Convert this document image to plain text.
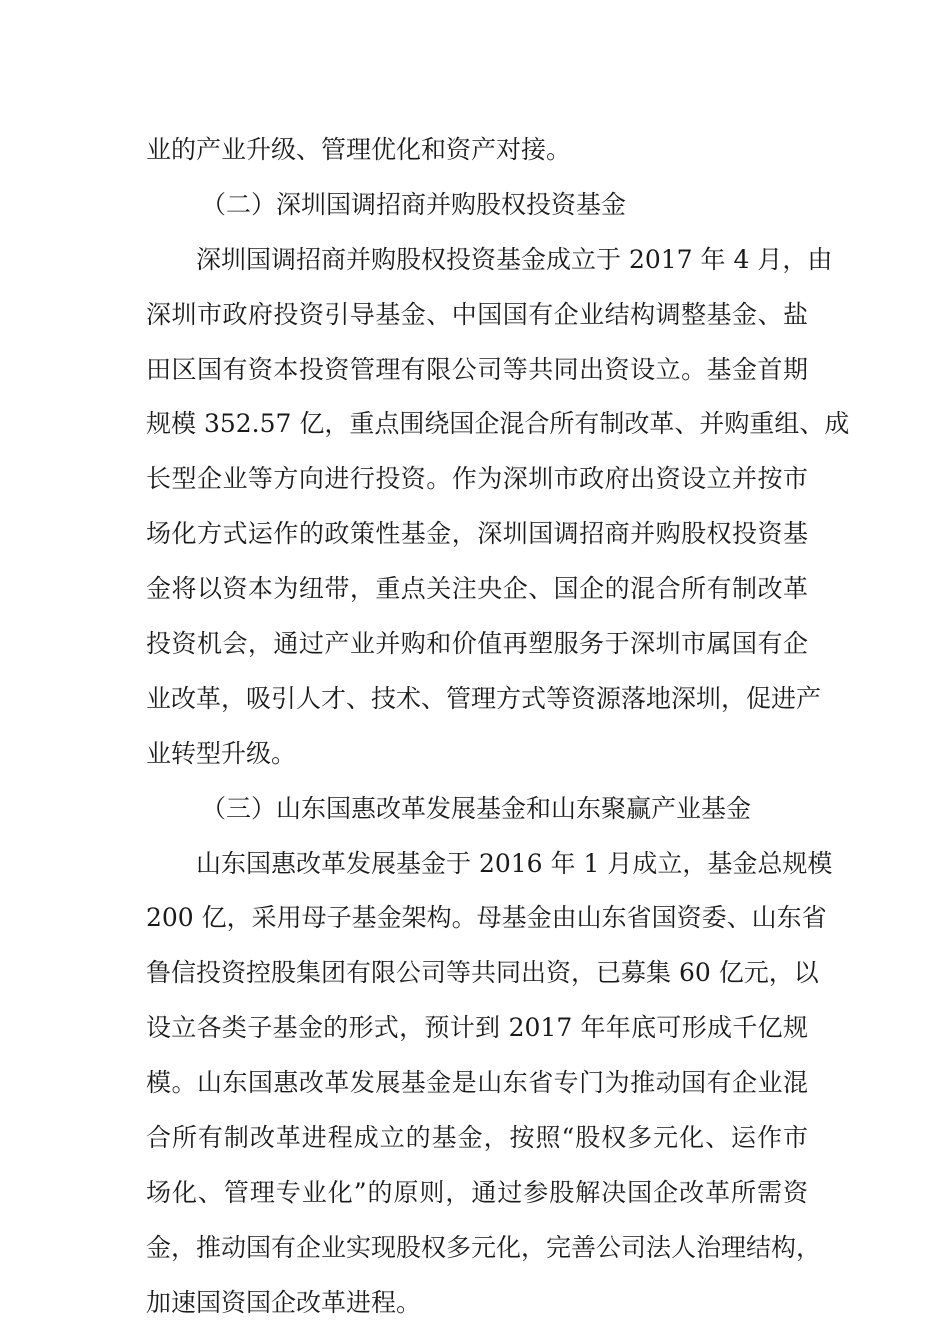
业的产业升级、管理优化和资产对接。
（二）深圳国调招商并购股权投资基金
深圳国调招商并购股权投资基金成立于 2017 年 4 月，由
深圳市政府投资引导基金、中国国有企业结构调整基金、盐
田区国有资本投资管理有限公司等共同出资设立。基金首期
规模 352.57 亿，重点围绕国企混合所有制改革、并购重组、成
长型企业等方向进行投资。作为深圳市政府出资设立并按市
场化方式运作的政策性基金，深圳国调招商并购股权投资基
金将以资本为纽带，重点关注央企、国企的混合所有制改革
投资机会，通过产业并购和价值再塑服务于深圳市属国有企
业改革，吸引人才、技术、管理方式等资源落地深圳，促进产
业转型升级。
（三）山东国惠改革发展基金和山东聚赢产业基金
山东国惠改革发展基金于 2016 年 1 月成立，基金总规模
200 亿，采用母子基金架构。母基金由山东省国资委、山东省
鲁信投资控股集团有限公司等共同出资，已募集 60 亿元，以
设立各类子基金的形式，预计到 2017 年年底可形成千亿规
模。山东国惠改革发展基金是山东省专门为推动国有企业混
合所有制改革进程成立的基金，按照“股权多元化、运作市
场化、管理专业化”的原则，通过参股解决国企改革所需资
金，推动国有企业实现股权多元化，完善公司法人治理结构，
加速国资国企改革进程。
